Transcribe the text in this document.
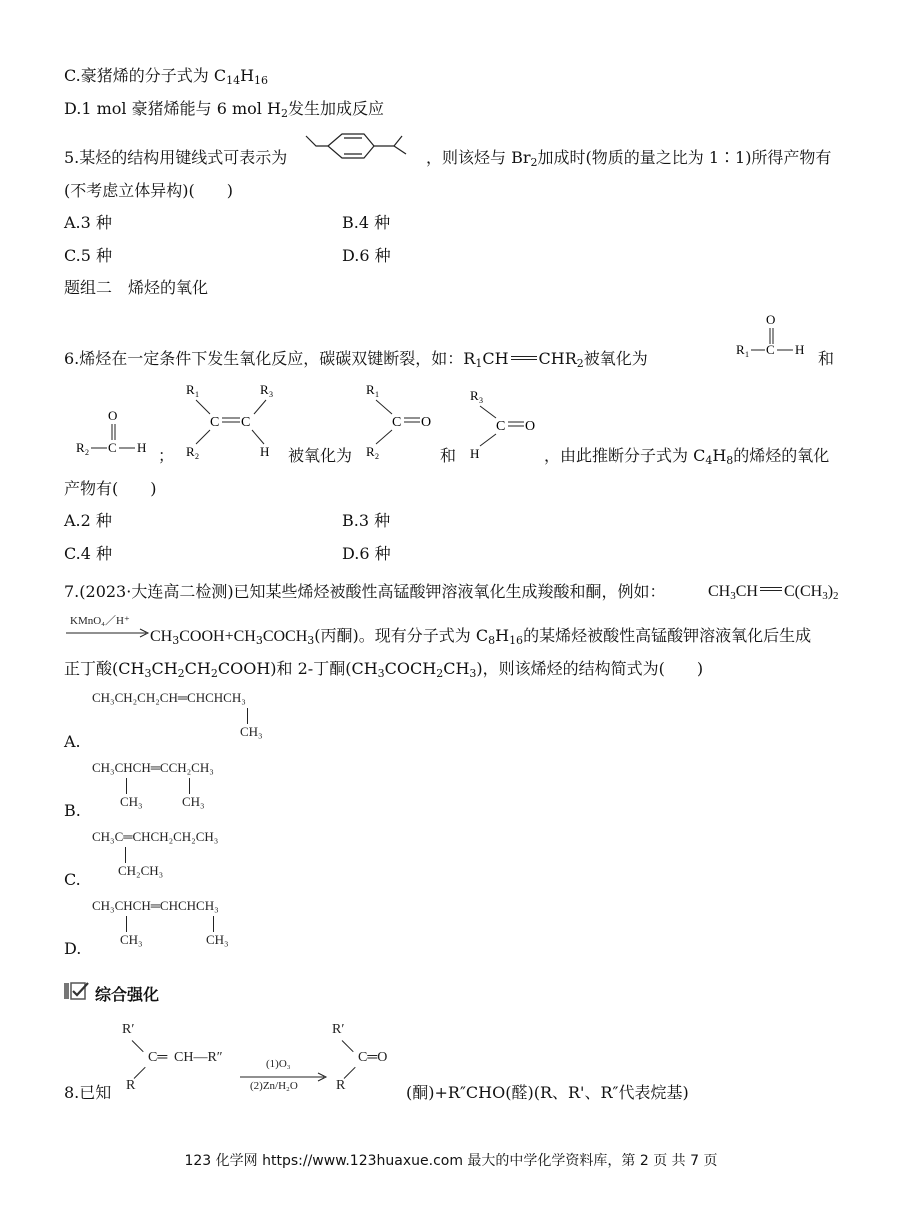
C.豪猪烯的分子式为 $C_{14}H_{16}$
D.1 mol 豪猪烯能与 6 mol $H_2$发生加成反应
5.某烃的结构用键线式可表示为	，则该烃与 $Br_2$加成时(物质的量之比为 1∶1)所得产物有
(不考虑立体异构)(　　)
A.3 种	B.4 种
C.5 种	D.6 种
题组二　烯烃的氧化
6.烯烃在一定条件下发生氧化反应，碳碳双键断裂，如：$R_1CH$ $CHR_2$被氧化为
O
R 1 C H 和
O
R 2 C H ；
R 1	R 3
C C
R 2	H 被氧化为
R 1
C O
R 2	和
R 3
C O
H	，由此推断分子式为 $C_4H_8$的烯烃的氧化
产物有(　　)
A.2 种	B.3 种
C.4 种	D.6 种
7.(2023·大连高二检测)已知某些烯烃被酸性高锰酸钾溶液氧化生成羧酸和酮，例如：	$CH_3CH$ $C(CH_3)_2$
KMnO₄／H⁺
$CH_3COOH+CH_3COCH_3$(丙酮)。现有分子式为 $C_8H_{16}$的某烯烃被酸性高锰酸钾溶液氧化后生成
正丁酸$(CH_3CH_2CH_2COOH)$和 2-丁酮$(CH_3COCH_2CH_3)$，则该烯烃的结构简式为(　　)
CH₃CH₂CH₂CH═CHCHCH₃
CH₃
A.
CH₃CHCH═CCH₂CH₃
CH₃	CH₃
B.
CH₃C═CHCH₂CH₂CH₃
CH₂CH₃
C.
CH₃CHCH═CHCHCH₃
CH₃	CH₃
D.
综合强化
R′
C═ CH—R″
R
8.已知
(1)O₃
(2)Zn/H₂O
R′
C═O
R	(酮)+R″CHO(醛)(R、R'、R″代表烷基)
123 化学网 https://www.123huaxue.com 最大的中学化学资料库，第 2 页 共 7 页
